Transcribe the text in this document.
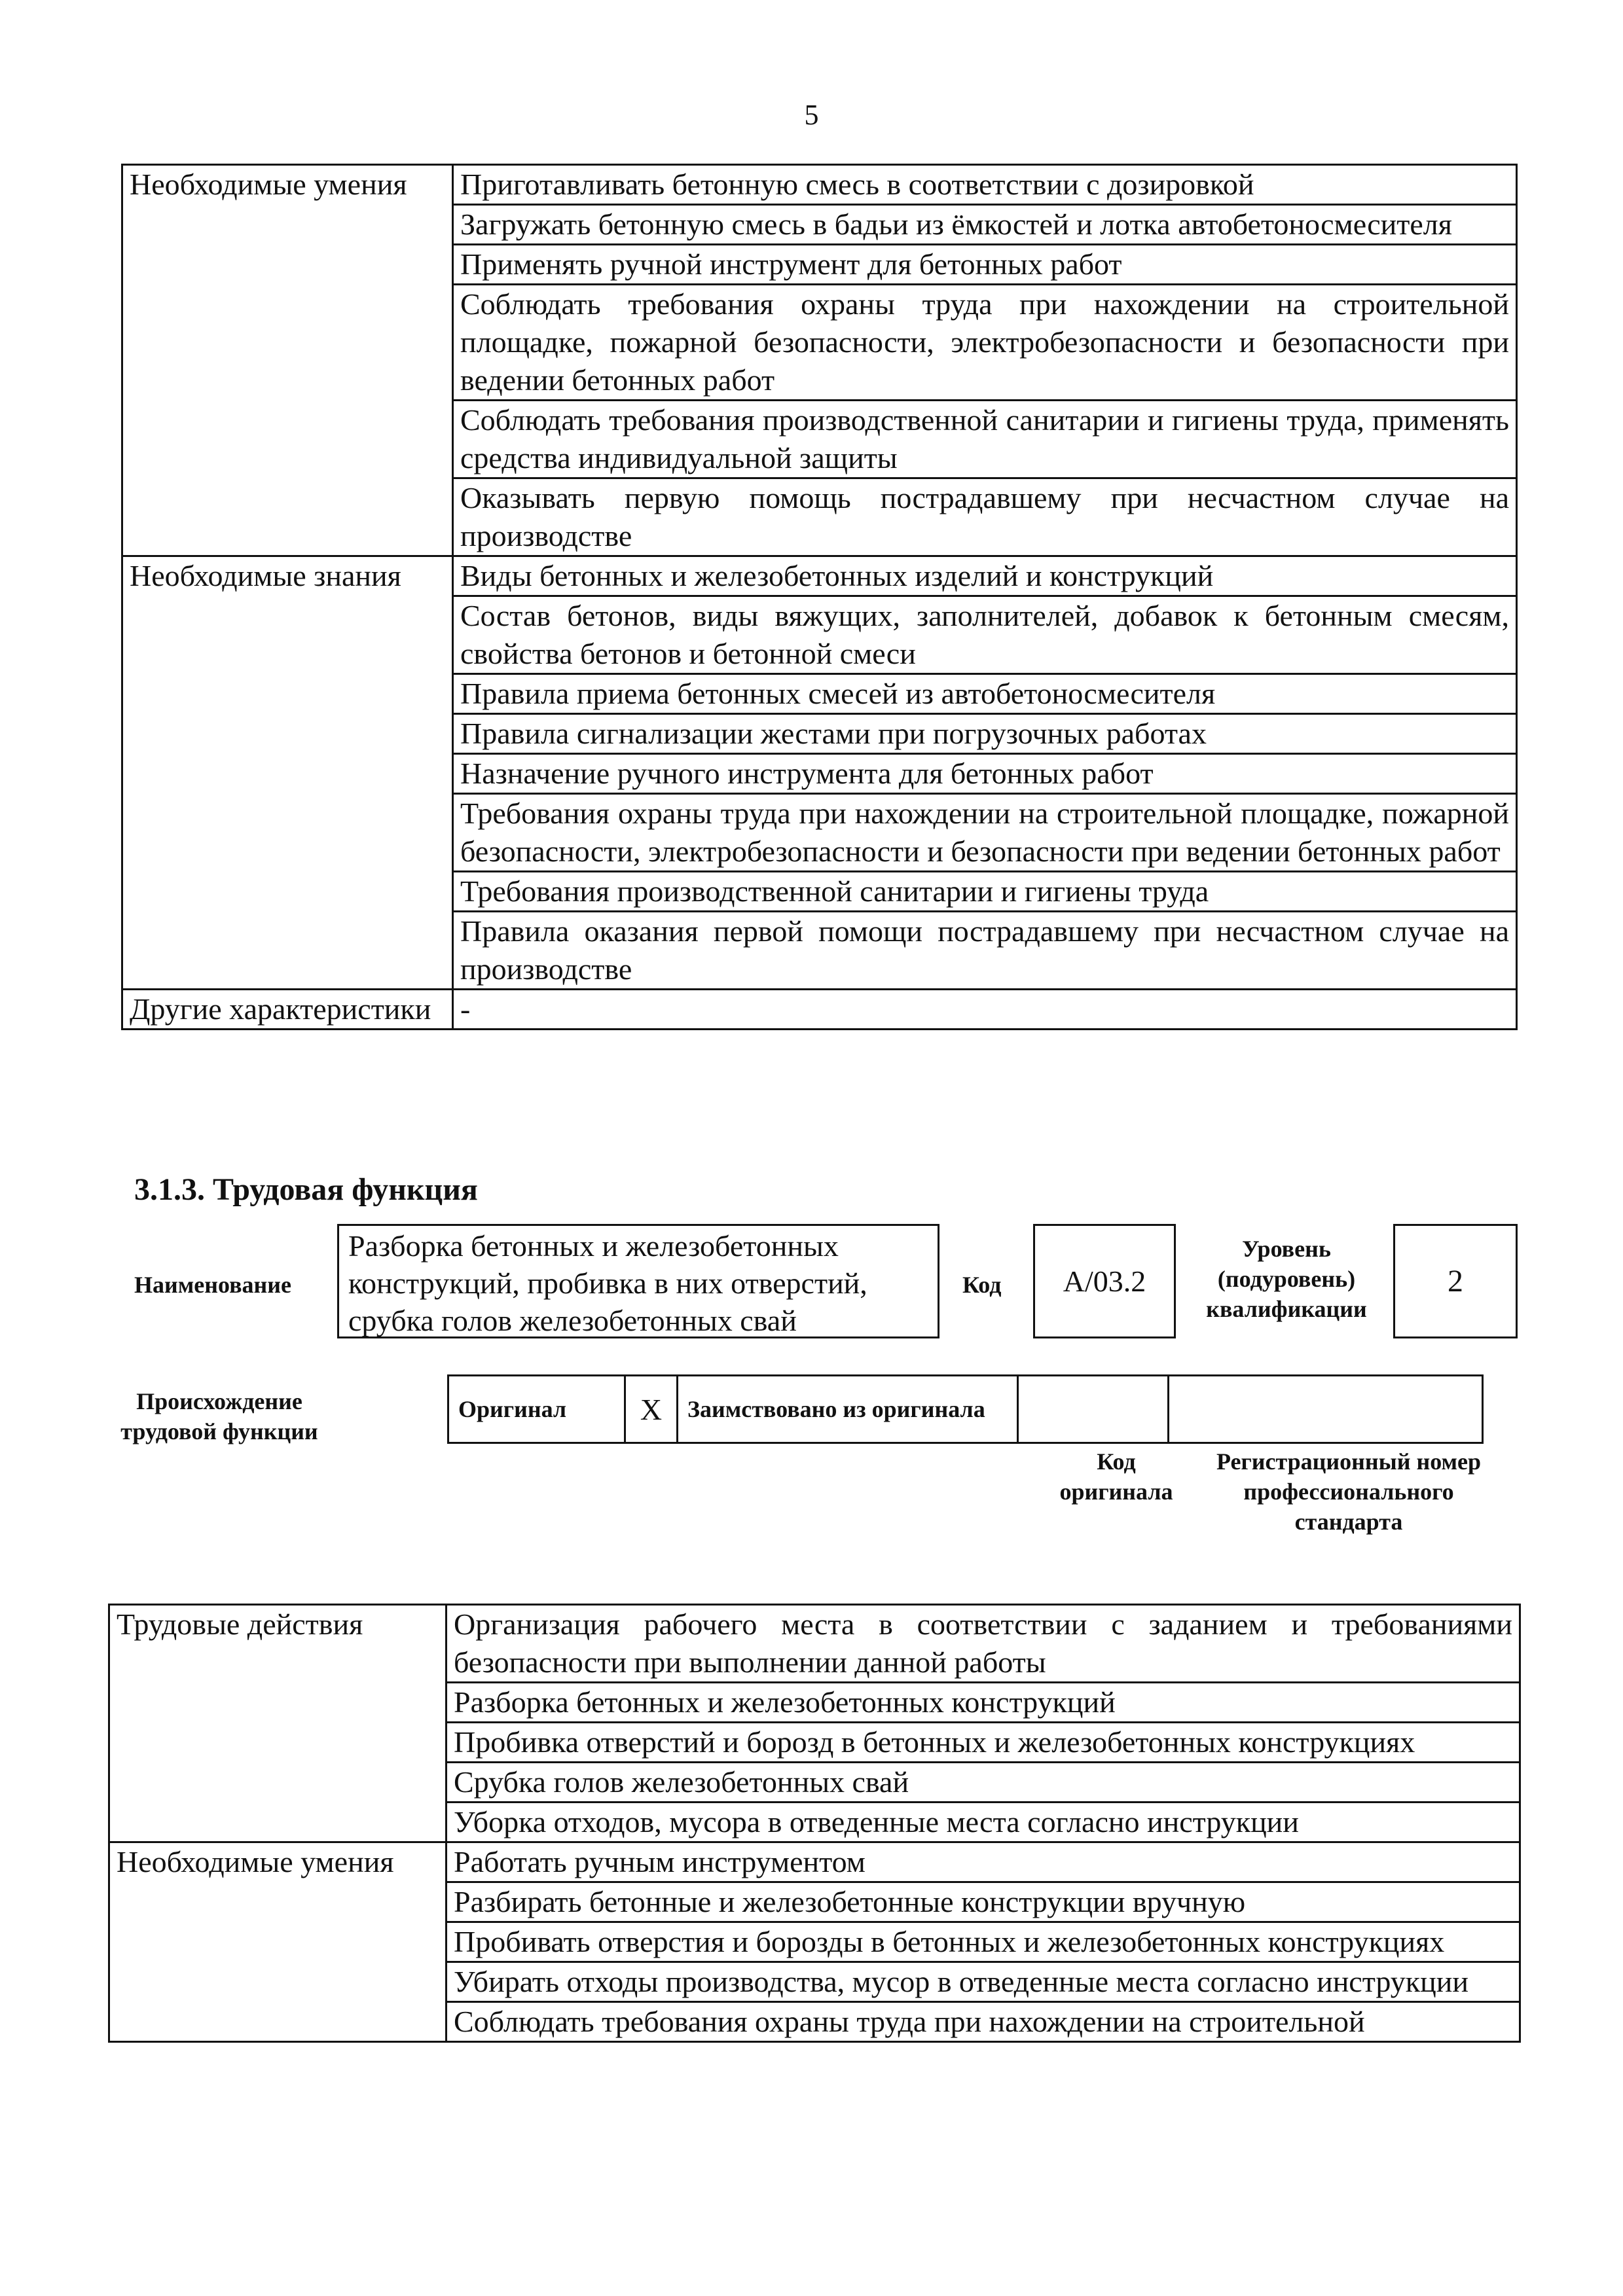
5
Необходимые умения	Приготавливать бетонную смесь в соответствии с дозировкой
	Загружать бетонную смесь в бадьи из ёмкостей и лотка автобетоносмесителя
	Применять ручной инструмент для бетонных работ
	Соблюдать требования охраны труда при нахождении на строительной площадке, пожарной безопасности, электробезопасности и безопасности при ведении бетонных работ
	Соблюдать требования производственной санитарии и гигиены труда, применять средства индивидуальной защиты
	Оказывать первую помощь пострадавшему при несчастном случае на производстве
Необходимые знания	Виды бетонных и железобетонных изделий и конструкций
	Состав бетонов, виды вяжущих, заполнителей, добавок к бетонным смесям, свойства бетонов и бетонной смеси
	Правила приема бетонных смесей из автобетоносмесителя
	Правила сигнализации жестами при погрузочных работах
	Назначение ручного инструмента для бетонных работ
	Требования охраны труда при нахождении на строительной площадке, пожарной безопасности, электробезопасности и безопасности при ведении бетонных работ
	Требования производственной санитарии и гигиены труда
	Правила оказания первой помощи пострадавшему при несчастном случае на производстве
Другие характеристики	-
3.1.3. Трудовая функция
Наименование
Разборка бетонных и железобетонных конструкций, пробивка в них отверстий, срубка голов железобетонных свай
Код A/03.2
Уровень (подуровень) квалификации
2
Происхождение трудовой функции
Оригинал	X	Заимствовано из оригинала		
Код оригинала
Регистрационный номер профессионального стандарта
Трудовые действия	Организация рабочего места в соответствии с заданием и требованиями безопасности при выполнении данной работы
	Разборка бетонных и железобетонных конструкций
	Пробивка отверстий и борозд в бетонных и железобетонных конструкциях
	Срубка голов железобетонных свай
	Уборка отходов, мусора в отведенные места согласно инструкции
Необходимые умения	Работать ручным инструментом
	Разбирать бетонные и железобетонные конструкции вручную
	Пробивать отверстия и борозды в бетонных и железобетонных конструкциях
	Убирать отходы производства, мусор в отведенные места согласно инструкции
	Соблюдать требования охраны труда при нахождении на строительной
